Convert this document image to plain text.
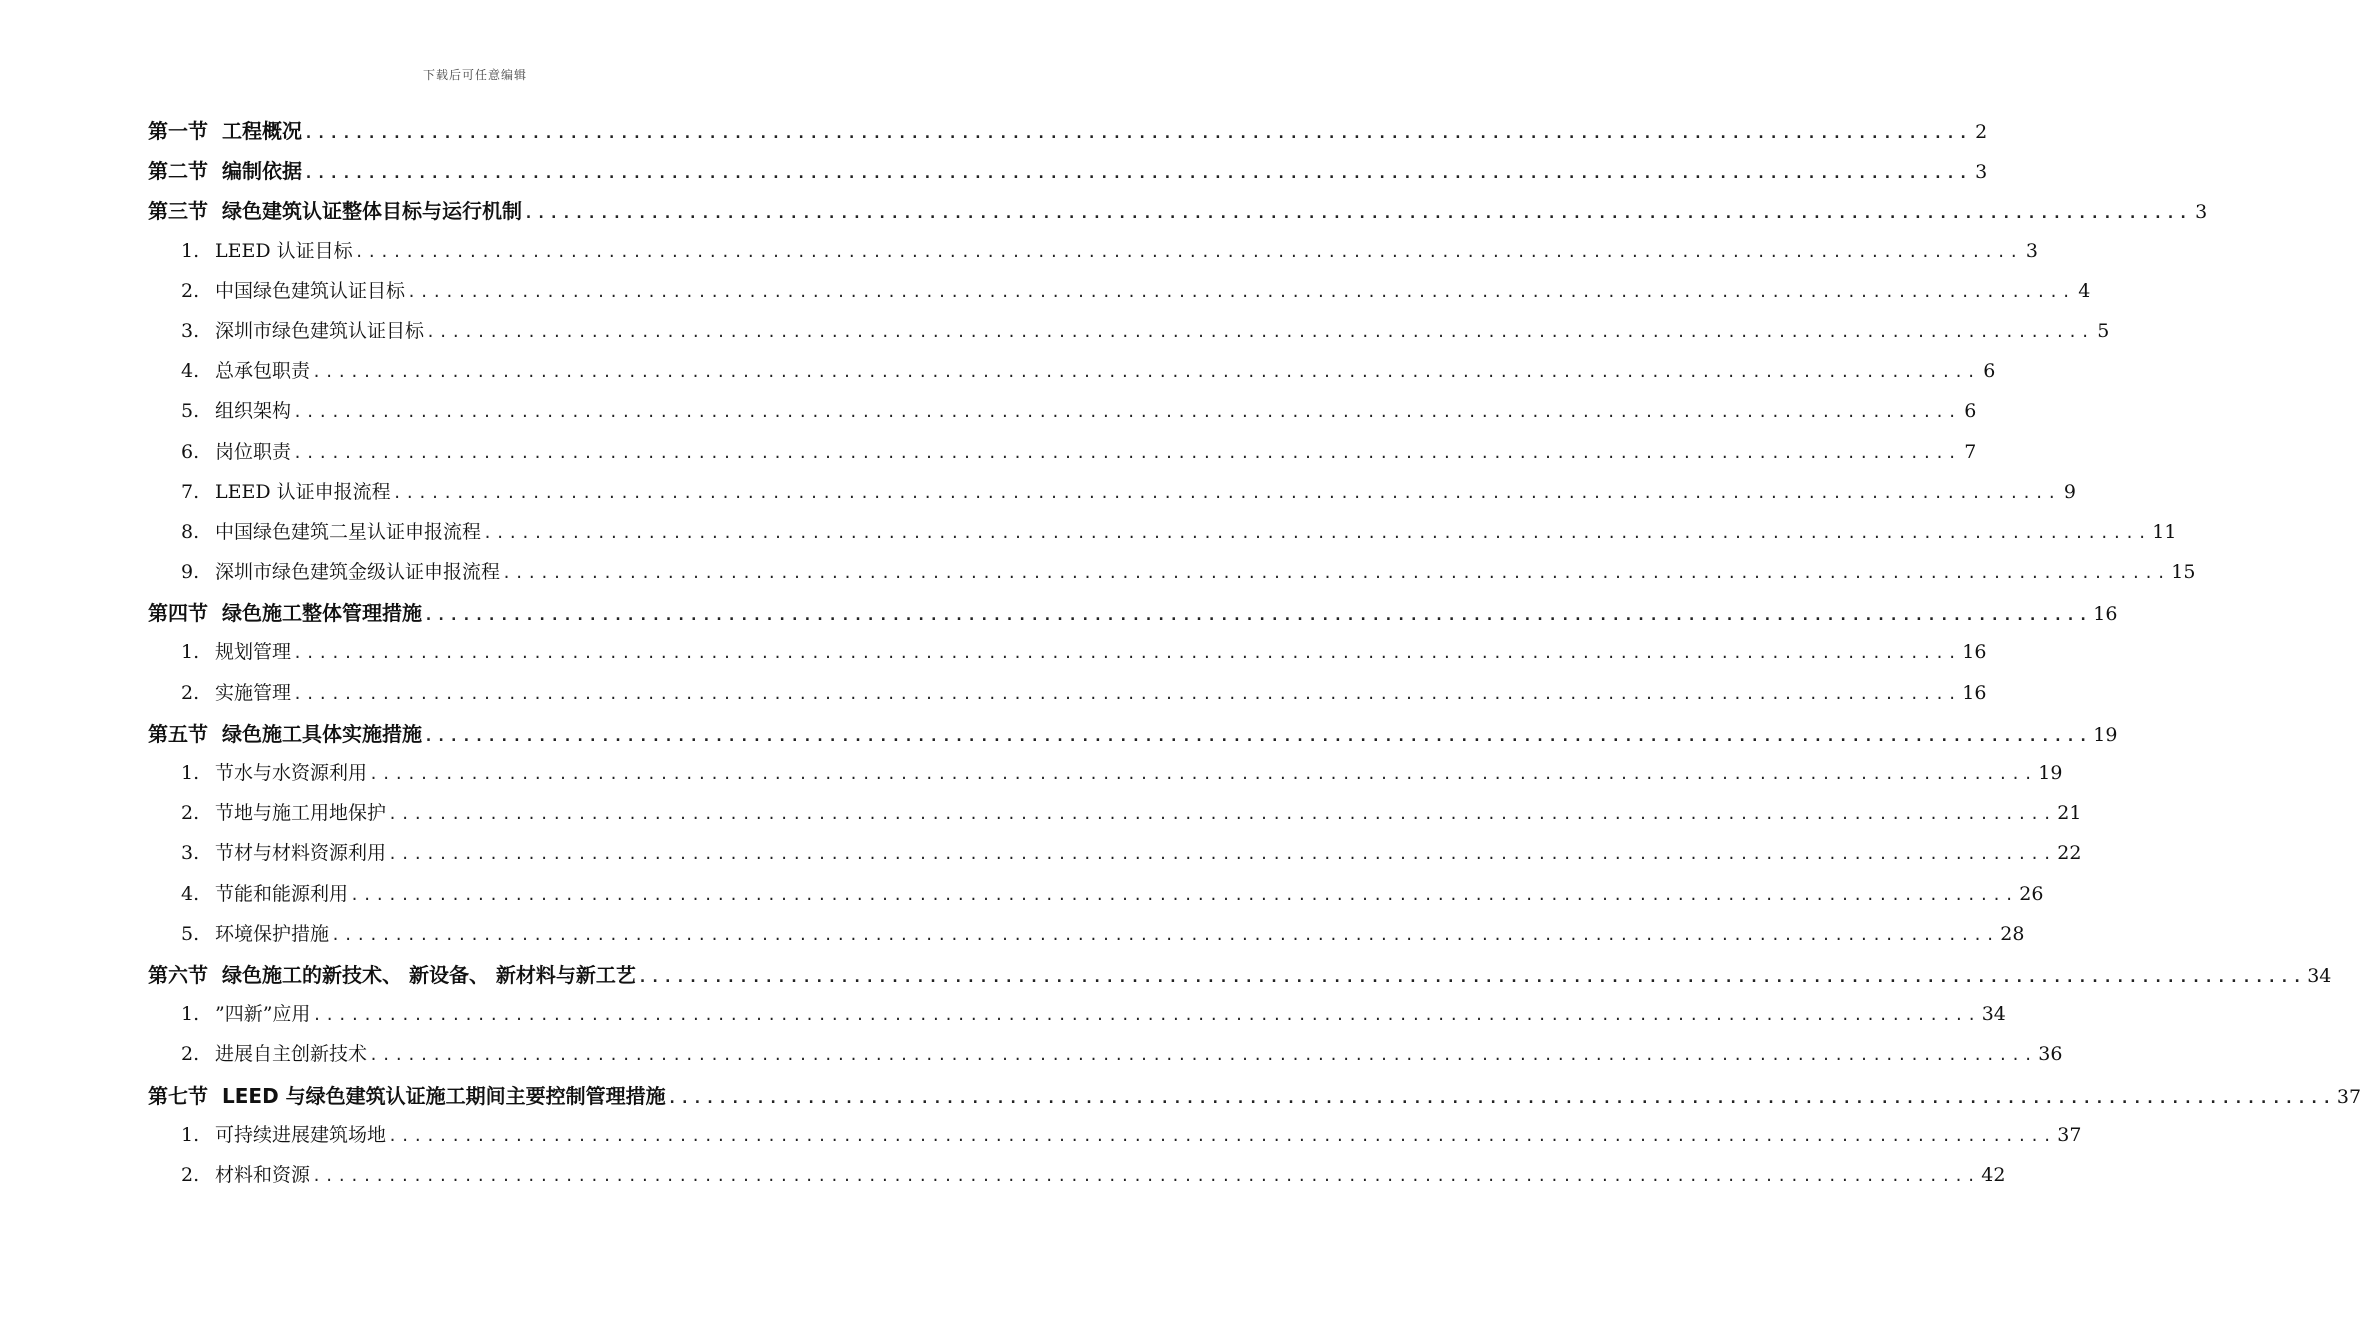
下载后可任意编辑
第一节 工程概况 .................................................................................................................................... 2
第二节 编制依据 .................................................................................................................................... 3
第三节 绿色建筑认证整体目标与运行机制 .................................................................................................................................... 3
1. LEED 认证目标 .................................................................................................................................... 3
2. 中国绿色建筑认证目标 .................................................................................................................................... 4
3. 深圳市绿色建筑认证目标 .................................................................................................................................... 5
4. 总承包职责 .................................................................................................................................... 6
5. 组织架构 .................................................................................................................................... 6
6. 岗位职责 .................................................................................................................................... 7
7. LEED 认证申报流程 .................................................................................................................................... 9
8. 中国绿色建筑二星认证申报流程 .................................................................................................................................... 11
9. 深圳市绿色建筑金级认证申报流程 .................................................................................................................................... 15
第四节 绿色施工整体管理措施 .................................................................................................................................... 16
1. 规划管理 .................................................................................................................................... 16
2. 实施管理 .................................................................................................................................... 16
第五节 绿色施工具体实施措施 .................................................................................................................................... 19
1. 节水与水资源利用 .................................................................................................................................... 19
2. 节地与施工用地保护 .................................................................................................................................... 21
3. 节材与材料资源利用 .................................................................................................................................... 22
4. 节能和能源利用 .................................................................................................................................... 26
5. 环境保护措施 .................................................................................................................................... 28
第六节 绿色施工的新技术、 新设备、 新材料与新工艺 .................................................................................................................................... 34
1. ”四新”应用 .................................................................................................................................... 34
2. 进展自主创新技术 .................................................................................................................................... 36
第七节 LEED 与绿色建筑认证施工期间主要控制管理措施 .................................................................................................................................... 37
1. 可持续进展建筑场地 .................................................................................................................................... 37
2. 材料和资源 .................................................................................................................................... 42
